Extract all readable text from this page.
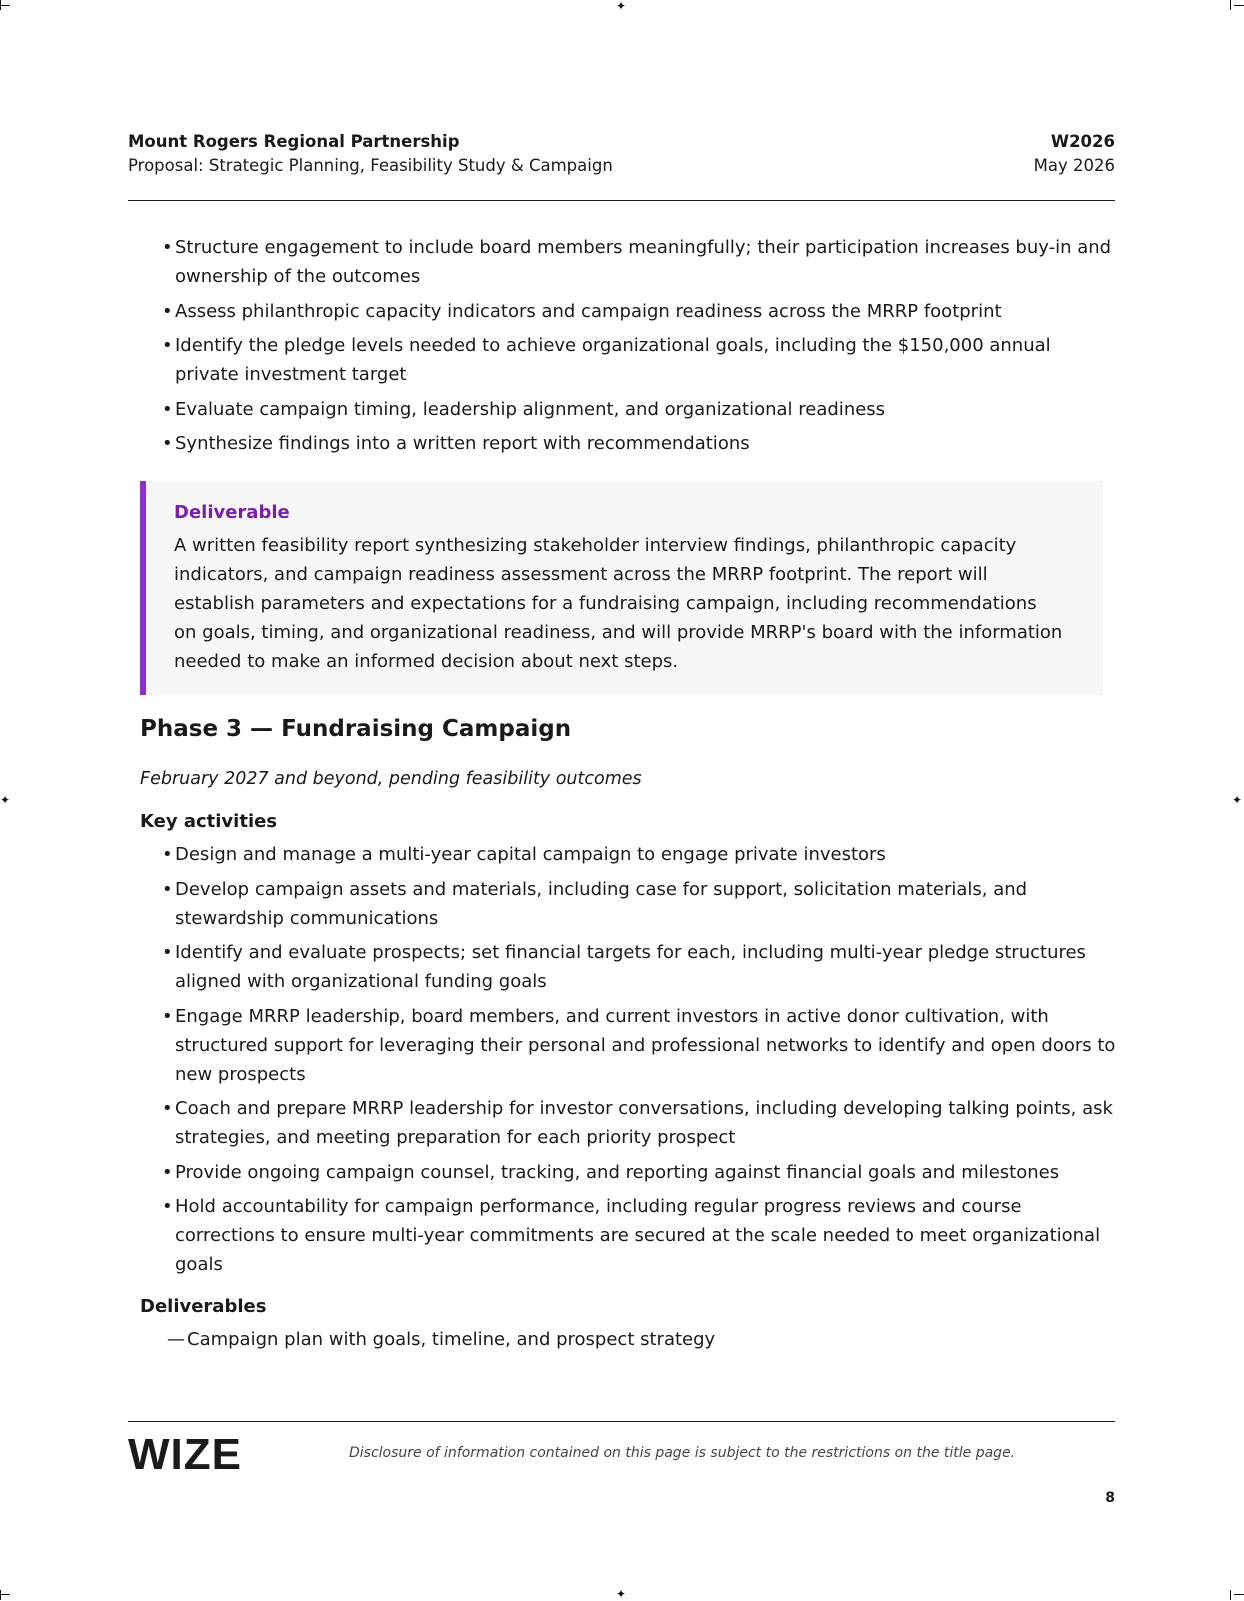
✦
✦
✦	✦
Mount Rogers Regional Partnership
Proposal: Strategic Planning, Feasibility Study & Campaign
W2026
May 2026
• Structure engagement to include board members meaningfully; their participation increases buy-in and ownership of the outcomes
• Assess philanthropic capacity indicators and campaign readiness across the MRRP footprint
• Identify the pledge levels needed to achieve organizational goals, including the $150,000 annual private investment target
• Evaluate campaign timing, leadership alignment, and organizational readiness
• Synthesize findings into a written report with recommendations
Deliverable
A written feasibility report synthesizing stakeholder interview findings, philanthropic capacity indicators, and campaign readiness assessment across the MRRP footprint. The report will establish parameters and expectations for a fundraising campaign, including recommendations on goals, timing, and organizational readiness, and will provide MRRP's board with the information needed to make an informed decision about next steps.
Phase 3 — Fundraising Campaign
February 2027 and beyond, pending feasibility outcomes
Key activities
• Design and manage a multi-year capital campaign to engage private investors
• Develop campaign assets and materials, including case for support, solicitation materials, and stewardship communications
• Identify and evaluate prospects; set financial targets for each, including multi-year pledge structures aligned with organizational funding goals
• Engage MRRP leadership, board members, and current investors in active donor cultivation, with structured support for leveraging their personal and professional networks to identify and open doors to new prospects
• Coach and prepare MRRP leadership for investor conversations, including developing talking points, ask strategies, and meeting preparation for each priority prospect
• Provide ongoing campaign counsel, tracking, and reporting against financial goals and milestones
• Hold accountability for campaign performance, including regular progress reviews and course corrections to ensure multi-year commitments are secured at the scale needed to meet organizational goals
Deliverables
— Campaign plan with goals, timeline, and prospect strategy
WIZE	Disclosure of information contained on this page is subject to the restrictions on the title page.
8
